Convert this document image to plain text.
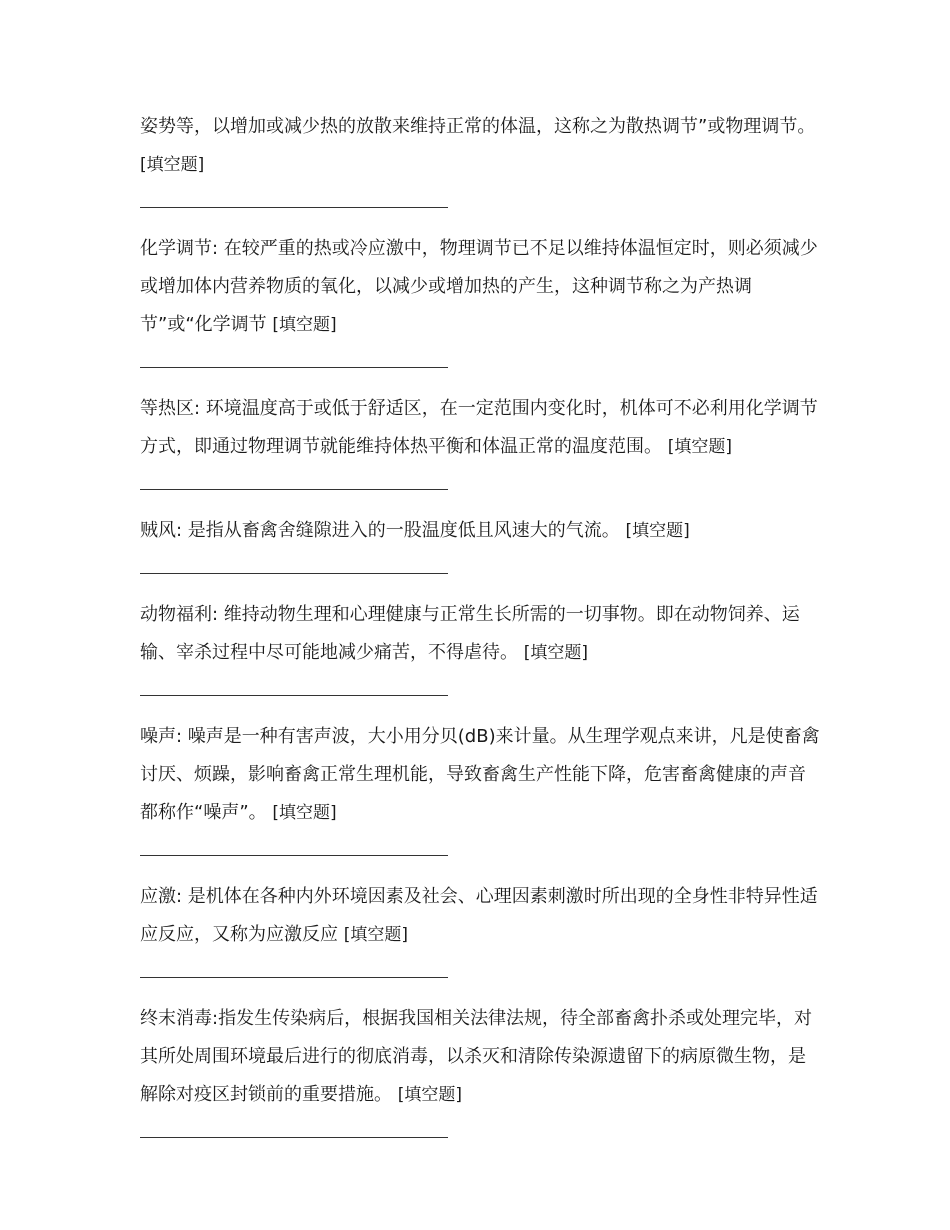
姿势等，以增加或减少热的放散来维持正常的体温，这称之为散热调节”或物理调节。 [填空题]

化学调节: 在较严重的热或冷应激中，物理调节已不足以维持体温恒定时，则必须减少或增加体内营养物质的氧化，以减少或增加热的产生，这种调节称之为产热调节”或“化学调节 [填空题]

等热区: 环境温度高于或低于舒适区，在一定范围内变化时，机体可不必利用化学调节方式，即通过物理调节就能维持体热平衡和体温正常的温度范围。 [填空题]

贼风: 是指从畜禽舍缝隙进入的一股温度低且风速大的气流。 [填空题]

动物福利: 维持动物生理和心理健康与正常生长所需的一切事物。即在动物饲养、运输、宰杀过程中尽可能地减少痛苦，不得虐待。 [填空题]

噪声: 噪声是一种有害声波，大小用分贝(dB)来计量。从生理学观点来讲，凡是使畜禽讨厌、烦躁，影响畜禽正常生理机能，导致畜禽生产性能下降，危害畜禽健康的声音都称作“噪声”。 [填空题]

应激: 是机体在各种内外环境因素及社会、心理因素刺激时所出现的全身性非特异性适应反应，又称为应激反应 [填空题]

终末消毒:指发生传染病后，根据我国相关法律法规，待全部畜禽扑杀或处理完毕，对其所处周围环境最后进行的彻底消毒，以杀灭和清除传染源遗留下的病原微生物，是解除对疫区封锁前的重要措施。 [填空题]
